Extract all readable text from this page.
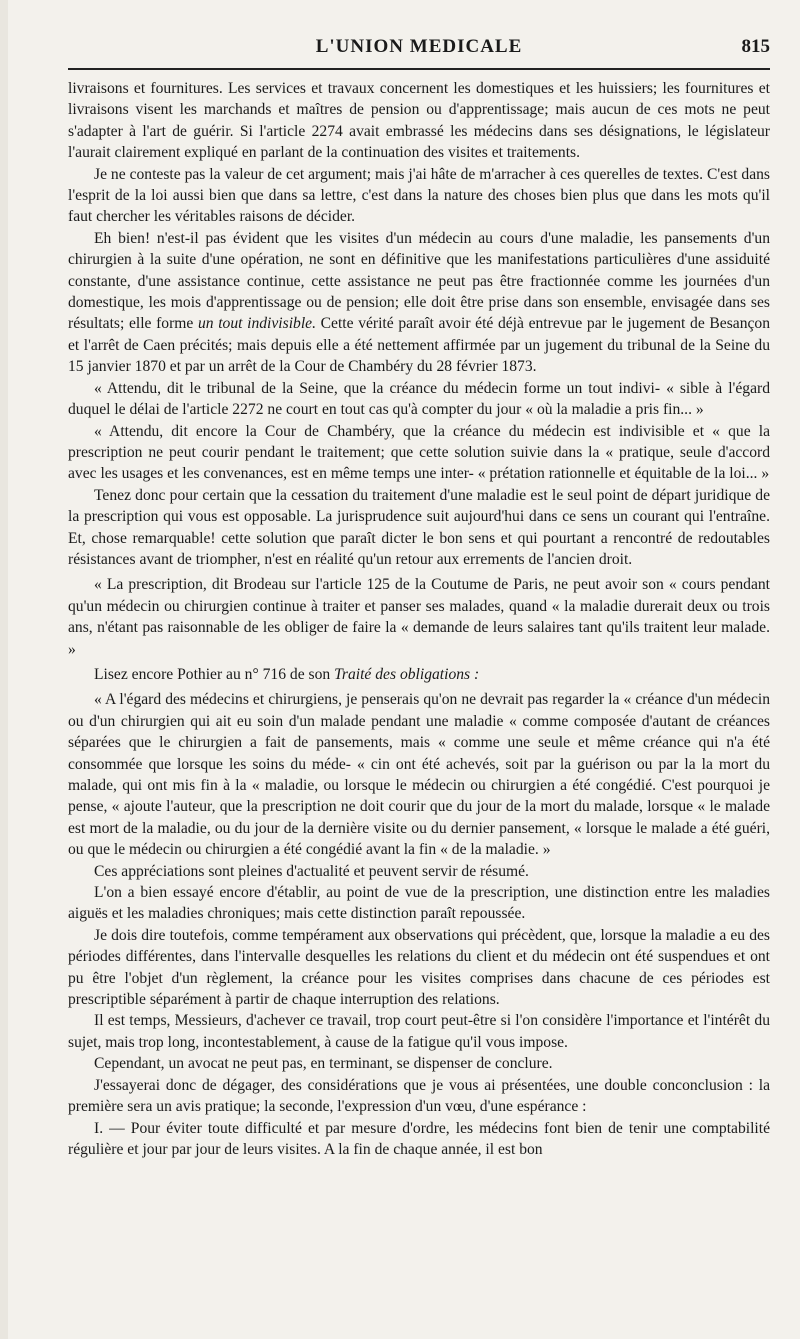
L'UNION MEDICALE	815

livraisons et fournitures. Les services et travaux concernent les domestiques et les huissiers; les fournitures et livraisons visent les marchands et maîtres de pension ou d'apprentissage; mais aucun de ces mots ne peut s'adapter à l'art de guérir. Si l'article 2274 avait embrassé les médecins dans ses désignations, le législateur l'aurait clairement expliqué en parlant de la continuation des visites et traitements.

Je ne conteste pas la valeur de cet argument; mais j'ai hâte de m'arracher à ces querelles de textes. C'est dans l'esprit de la loi aussi bien que dans sa lettre, c'est dans la nature des choses bien plus que dans les mots qu'il faut chercher les véritables raisons de décider.

Eh bien! n'est-il pas évident que les visites d'un médecin au cours d'une maladie, les pansements d'un chirurgien à la suite d'une opération, ne sont en définitive que les manifestations particulières d'une assiduité constante, d'une assistance continue, cette assistance ne peut pas être fractionnée comme les journées d'un domestique, les mois d'apprentissage ou de pension; elle doit être prise dans son ensemble, envisagée dans ses résultats; elle forme un tout indivisible. Cette vérité paraît avoir été déjà entrevue par le jugement de Besançon et l'arrêt de Caen précités; mais depuis elle a été nettement affirmée par un jugement du tribunal de la Seine du 15 janvier 1870 et par un arrêt de la Cour de Chambéry du 28 février 1873.

« Attendu, dit le tribunal de la Seine, que la créance du médecin forme un tout indivi- « sible à l'égard duquel le délai de l'article 2272 ne court en tout cas qu'à compter du jour « où la maladie a pris fin... »

« Attendu, dit encore la Cour de Chambéry, que la créance du médecin est indivisible et « que la prescription ne peut courir pendant le traitement; que cette solution suivie dans la « pratique, seule d'accord avec les usages et les convenances, est en même temps une inter- « prétation rationnelle et équitable de la loi... »

Tenez donc pour certain que la cessation du traitement d'une maladie est le seul point de départ juridique de la prescription qui vous est opposable. La jurisprudence suit aujourd'hui dans ce sens un courant qui l'entraîne. Et, chose remarquable! cette solution que paraît dicter le bon sens et qui pourtant a rencontré de redoutables résistances avant de triompher, n'est en réalité qu'un retour aux errements de l'ancien droit.

« La prescription, dit Brodeau sur l'article 125 de la Coutume de Paris, ne peut avoir son « cours pendant qu'un médecin ou chirurgien continue à traiter et panser ses malades, quand « la maladie durerait deux ou trois ans, n'étant pas raisonnable de les obliger de faire la « demande de leurs salaires tant qu'ils traitent leur malade. »

Lisez encore Pothier au n° 716 de son Traité des obligations :

« A l'égard des médecins et chirurgiens, je penserais qu'on ne devrait pas regarder la « créance d'un médecin ou d'un chirurgien qui ait eu soin d'un malade pendant une maladie « comme composée d'autant de créances séparées que le chirurgien a fait de pansements, mais « comme une seule et même créance qui n'a été consommée que lorsque les soins du méde- « cin ont été achevés, soit par la guérison ou par la la mort du malade, qui ont mis fin à la « maladie, ou lorsque le médecin ou chirurgien a été congédié. C'est pourquoi je pense, « ajoute l'auteur, que la prescription ne doit courir que du jour de la mort du malade, lorsque « le malade est mort de la maladie, ou du jour de la dernière visite ou du dernier pansement, « lorsque le malade a été guéri, ou que le médecin ou chirurgien a été congédié avant la fin « de la maladie. »

Ces appréciations sont pleines d'actualité et peuvent servir de résumé.

L'on a bien essayé encore d'établir, au point de vue de la prescription, une distinction entre les maladies aiguës et les maladies chroniques; mais cette distinction paraît repoussée.

Je dois dire toutefois, comme tempérament aux observations qui précèdent, que, lorsque la maladie a eu des périodes différentes, dans l'intervalle desquelles les relations du client et du médecin ont été suspendues et ont pu être l'objet d'un règlement, la créance pour les visites comprises dans chacune de ces périodes est prescriptible séparément à partir de chaque interruption des relations.

Il est temps, Messieurs, d'achever ce travail, trop court peut-être si l'on considère l'importance et l'intérêt du sujet, mais trop long, incontestablement, à cause de la fatigue qu'il vous impose.

Cependant, un avocat ne peut pas, en terminant, se dispenser de conclure.

J'essayerai donc de dégager, des considérations que je vous ai présentées, une double conconclusion : la première sera un avis pratique; la seconde, l'expression d'un vœu, d'une espérance :

I. — Pour éviter toute difficulté et par mesure d'ordre, les médecins font bien de tenir une comptabilité régulière et jour par jour de leurs visites. A la fin de chaque année, il est bon
